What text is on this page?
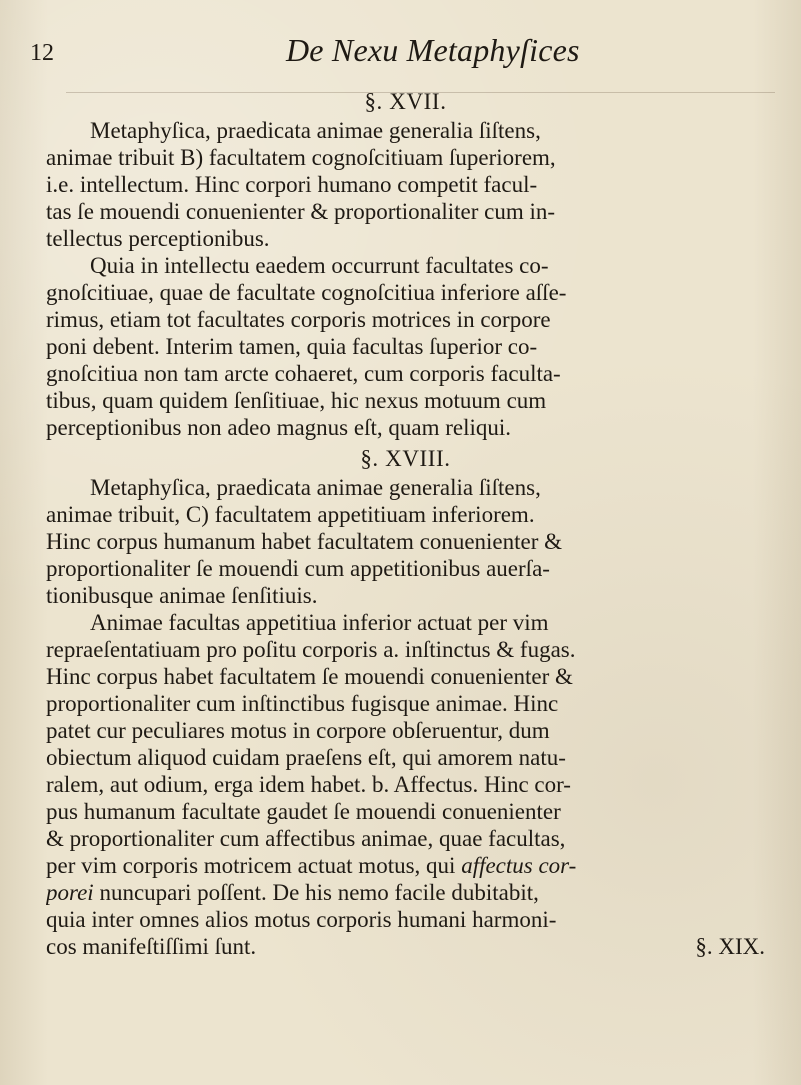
12	De Nexu Metaphyſices
§. XVII.
Metaphyſica, praedicata animae generalia ſiſtens,
animae tribuit B) facultatem cognoſcitiuam ſuperiorem,
i.e. intellectum. Hinc corpori humano competit facul-
tas ſe mouendi conuenienter & proportionaliter cum in-
tellectus perceptionibus.
Quia in intellectu eaedem occurrunt facultates co-
gnoſcitiuae, quae de facultate cognoſcitiua inferiore aſſe-
rimus, etiam tot facultates corporis motrices in corpore
poni debent. Interim tamen, quia facultas ſuperior co-
gnoſcitiua non tam arcte cohaeret, cum corporis faculta-
tibus, quam quidem ſenſitiuae, hic nexus motuum cum
perceptionibus non adeo magnus eſt, quam reliqui.
§. XVIII.
Metaphyſica, praedicata animae generalia ſiſtens,
animae tribuit, C) facultatem appetitiuam inferiorem.
Hinc corpus humanum habet facultatem conuenienter &
proportionaliter ſe mouendi cum appetitionibus auerſa-
tionibusque animae ſenſitiuis.
Animae facultas appetitiua inferior actuat per vim
repraeſentatiuam pro poſitu corporis a. inſtinctus & fugas.
Hinc corpus habet facultatem ſe mouendi conuenienter &
proportionaliter cum inſtinctibus fugisque animae. Hinc
patet cur peculiares motus in corpore obſeruentur, dum
obiectum aliquod cuidam praeſens eſt, qui amorem natu-
ralem, aut odium, erga idem habet. b. Affectus. Hinc cor-
pus humanum facultate gaudet ſe mouendi conuenienter
& proportionaliter cum affectibus animae, quae facultas,
per vim corporis motricem actuat motus, qui affectus cor-
porei nuncupari poſſent. De his nemo facile dubitabit,
quia inter omnes alios motus corporis humani harmoni-
cos manifeſtiſſimi ſunt.	§. XIX.
